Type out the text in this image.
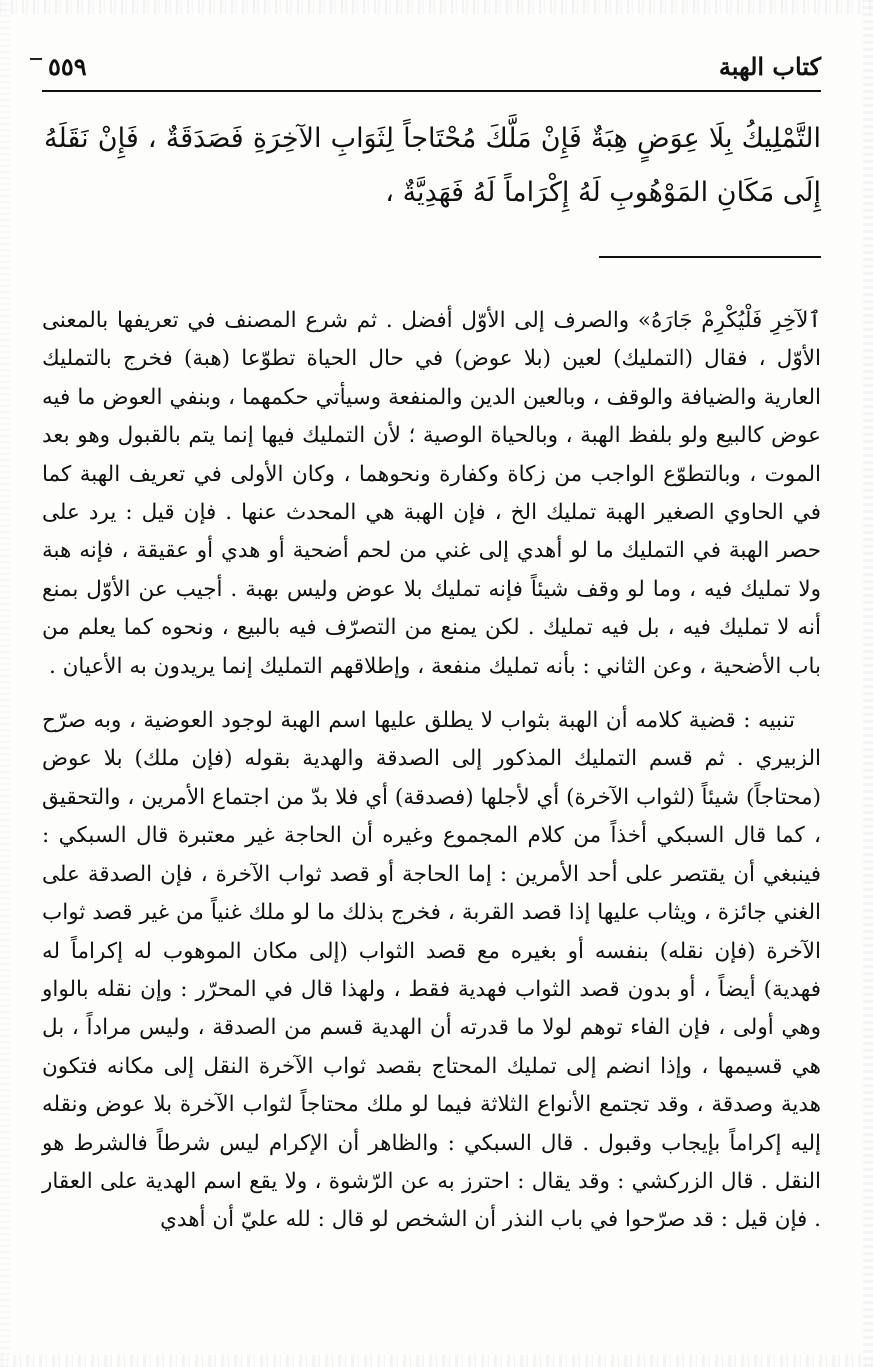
كتاب الهبة
٥٥٩

التَّمْلِيكُ بِلَا عِوَضٍ هِبَةٌ فَإِنْ مَلَّكَ مُحْتَاجاً لِثَوَابِ الآخِرَةِ فَصَدَقَةٌ ، فَإِنْ نَقَلَهُ إِلَى مَكَانِ المَوْهُوبِ لَهُ إِكْرَاماً لَهُ فَهَدِيَّةٌ ،

ٱلآخِرِ فَلْيُكْرِمْ جَارَهُ» والصرف إلى الأوّل أفضل . ثم شرع المصنف في تعريفها بالمعنى الأوّل ، فقال (التمليك) لعين (بلا عوض) في حال الحياة تطوّعا (هبة) فخرج بالتمليك العارية والضيافة والوقف ، وبالعين الدين والمنفعة وسيأتي حكمهما ، وبنفي العوض ما فيه عوض كالبيع ولو بلفظ الهبة ، وبالحياة الوصية ؛ لأن التمليك فيها إنما يتم بالقبول وهو بعد الموت ، وبالتطوّع الواجب من زكاة وكفارة ونحوهما ، وكان الأولى في تعريف الهبة كما في الحاوي الصغير الهبة تمليك الخ ، فإن الهبة هي المحدث عنها . فإن قيل : يرد على حصر الهبة في التمليك ما لو أهدي إلى غني من لحم أضحية أو هدي أو عقيقة ، فإنه هبة ولا تمليك فيه ، وما لو وقف شيئاً فإنه تمليك بلا عوض وليس بهبة . أجيب عن الأوّل بمنع أنه لا تمليك فيه ، بل فيه تمليك . لكن يمنع من التصرّف فيه بالبيع ، ونحوه كما يعلم من باب الأضحية ، وعن الثاني : بأنه تمليك منفعة ، وإطلاقهم التمليك إنما يريدون به الأعيان .

تنبيه : قضية كلامه أن الهبة بثواب لا يطلق عليها اسم الهبة لوجود العوضية ، وبه صرّح الزبيري . ثم قسم التمليك المذكور إلى الصدقة والهدية بقوله (فإن ملك) بلا عوض (محتاجاً) شيئاً (لثواب الآخرة) أي لأجلها (فصدقة) أي فلا بدّ من اجتماع الأمرين ، والتحقيق ، كما قال السبكي أخذاً من كلام المجموع وغيره أن الحاجة غير معتبرة قال السبكي : فينبغي أن يقتصر على أحد الأمرين : إما الحاجة أو قصد ثواب الآخرة ، فإن الصدقة على الغني جائزة ، ويثاب عليها إذا قصد القربة ، فخرج بذلك ما لو ملك غنياً من غير قصد ثواب الآخرة (فإن نقله) بنفسه أو بغيره مع قصد الثواب (إلى مكان الموهوب له إكراماً له فهدية) أيضاً ، أو بدون قصد الثواب فهدية فقط ، ولهذا قال في المحرّر : وإن نقله بالواو وهي أولى ، فإن الفاء توهم لولا ما قدرته أن الهدية قسم من الصدقة ، وليس مراداً ، بل هي قسيمها ، وإذا انضم إلى تمليك المحتاج بقصد ثواب الآخرة النقل إلى مكانه فتكون هدية وصدقة ، وقد تجتمع الأنواع الثلاثة فيما لو ملك محتاجاً لثواب الآخرة بلا عوض ونقله إليه إكراماً بإيجاب وقبول . قال السبكي : والظاهر أن الإكرام ليس شرطاً فالشرط هو النقل . قال الزركشي : وقد يقال : احترز به عن الرّشوة ، ولا يقع اسم الهدية على العقار . فإن قيل : قد صرّحوا في باب النذر أن الشخص لو قال : لله عليّ أن أهدي
